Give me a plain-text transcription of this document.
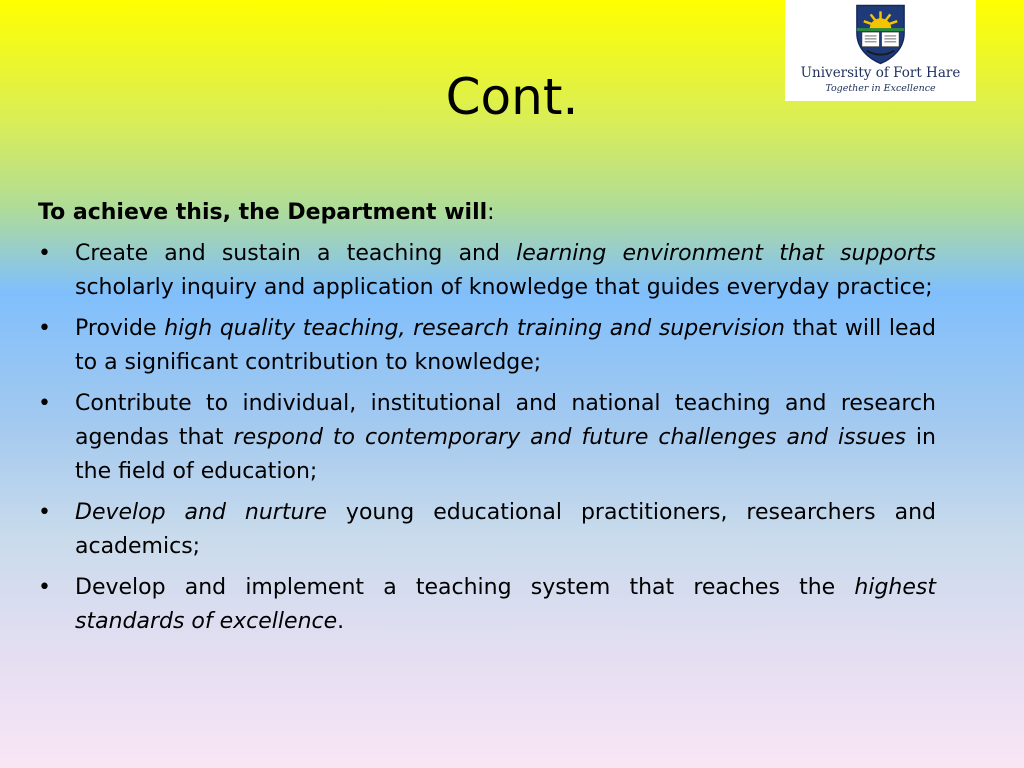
University of Fort Hare
Together in Excellence
Cont.

To achieve this, the Department will:

• Create and sustain a teaching and learning environment that supports scholarly inquiry and application of knowledge that guides everyday practice;
• Provide high quality teaching, research training and supervision that will lead to a significant contribution to knowledge;
• Contribute to individual, institutional and national teaching and research agendas that respond to contemporary and future challenges and issues in the field of education;
• Develop and nurture young educational practitioners, researchers and academics;
• Develop and implement a teaching system that reaches the highest standards of excellence.
